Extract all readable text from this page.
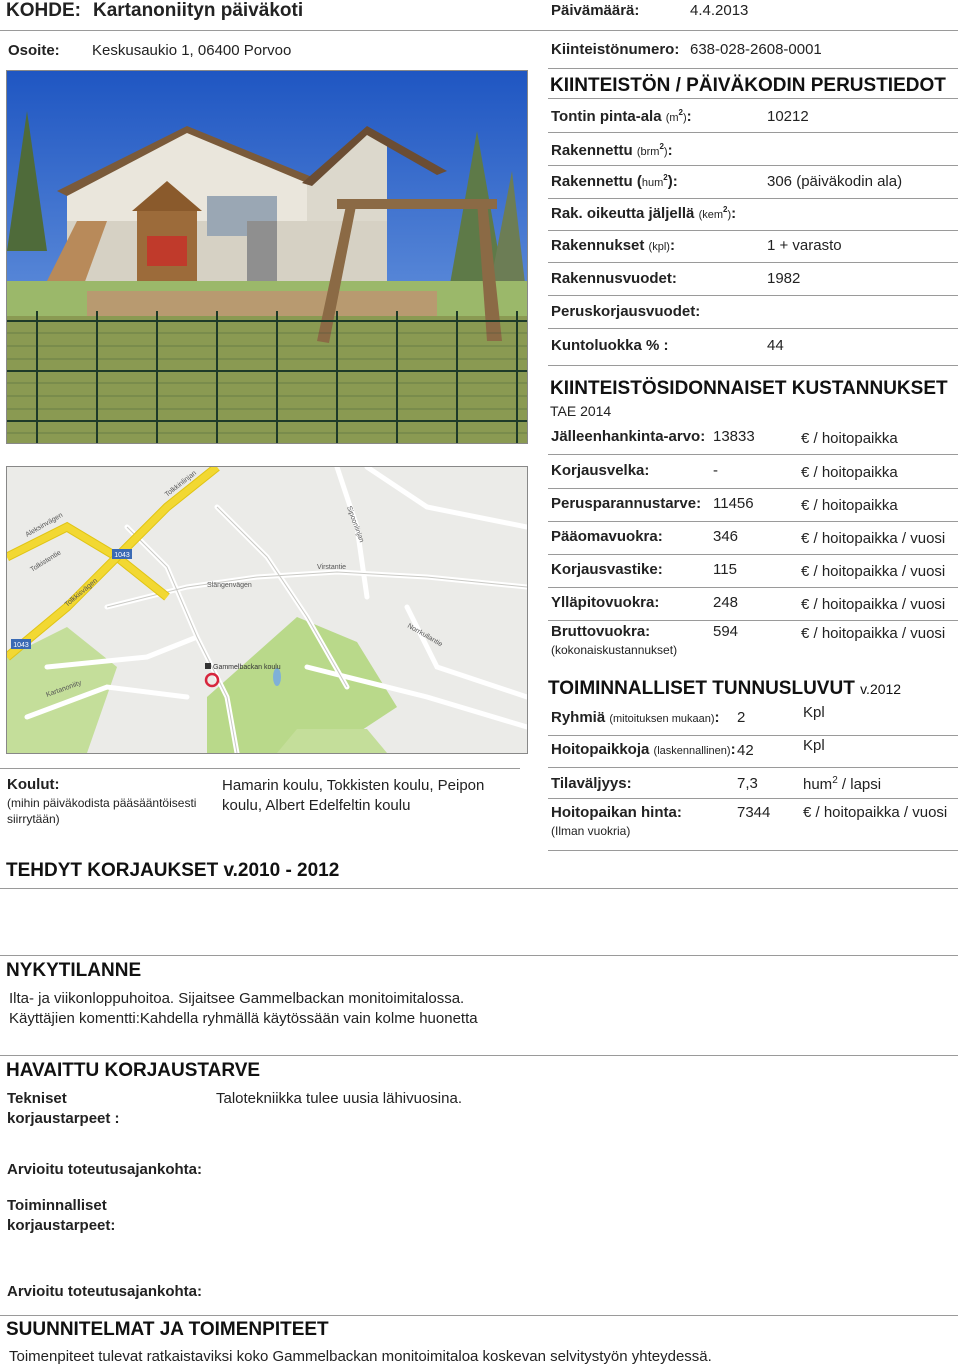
KOHDE: Kartanoniityn päiväkoti
Osoite: Keskusaukio 1, 06400 Porvoo
Päivämäärä:	4.4.2013
Kiinteistönumero: 638-028-2608-0001
KIINTEISTÖN / PÄIVÄKODIN PERUSTIEDOT
Tontin pinta-ala $(m^2)$:	10212
Rakennettu (brm$^2$):
Rakennettu (hum$^2$):	306 (päiväkodin ala)
Rak. oikeutta jäljellä (kem$^2$):
Rakennukset (kpl):	1 + varasto
Rakennusvuodet:	1982
Peruskorjausvuodet:
Kuntoluokka % :	44
KIINTEISTÖSIDONNAISET KUSTANNUKSET
TAE 2014
Jälleenhankinta-arvo: 13833	€ / hoitopaikka
Korjausvelka:	-	€ / hoitopaikka
Perusparannustarve: 11456	€ / hoitopaikka
Pääomavuokra:	346	€ / hoitopaikka / vuosi
Korjausvastike:	115	€ / hoitopaikka / vuosi
Ylläpitovuokra:	248	€ / hoitopaikka / vuosi
Bruttovuokra:	594	€ / hoitopaikka / vuosi
(kokonaiskustannukset)
1043
1043
Tolkistentie
Aleksinvägen
Tolkkinlinjan
Slängenvägen
Virstantie
Sipoonlinjan
Tolkkisvägen
Norrkullantie
Kartanoniity
Gammelbackan koulu
TOIMINNALLISET TUNNUSLUVUT v.2012
Ryhmiä (mitoituksen mukaan): 2	Kpl
Hoitopaikkoja (laskennallinen): 42	Kpl
Tilaväljyys:	7,3	hum$^2$ / lapsi
Hoitopaikan hinta:
(Ilman vuokria)
7344 € / hoitopaikka / vuosi
Koulut:
(mihin päiväkodista pääsääntöisesti
siirrytään)
Hamarin koulu, Tokkisten koulu, Peipon
koulu, Albert Edelfeltin koulu
TEHDYT KORJAUKSET v.2010 - 2012
NYKYTILANNE
Ilta- ja viikonloppuhoitoa. Sijaitsee Gammelbackan monitoimitalossa.
Käyttäjien komentti:Kahdella ryhmällä käytössään vain kolme huonetta
HAVAITTU KORJAUSTARVE
Tekniset
korjaustarpeet :
Talotekniikka tulee uusia lähivuosina.
Arvioitu toteutusajankohta:
Toiminnalliset
korjaustarpeet:
Arvioitu toteutusajankohta:
SUUNNITELMAT JA TOIMENPITEET
Toimenpiteet tulevat ratkaistaviksi koko Gammelbackan monitoimitaloa koskevan selvitystyön yhteydessä.
